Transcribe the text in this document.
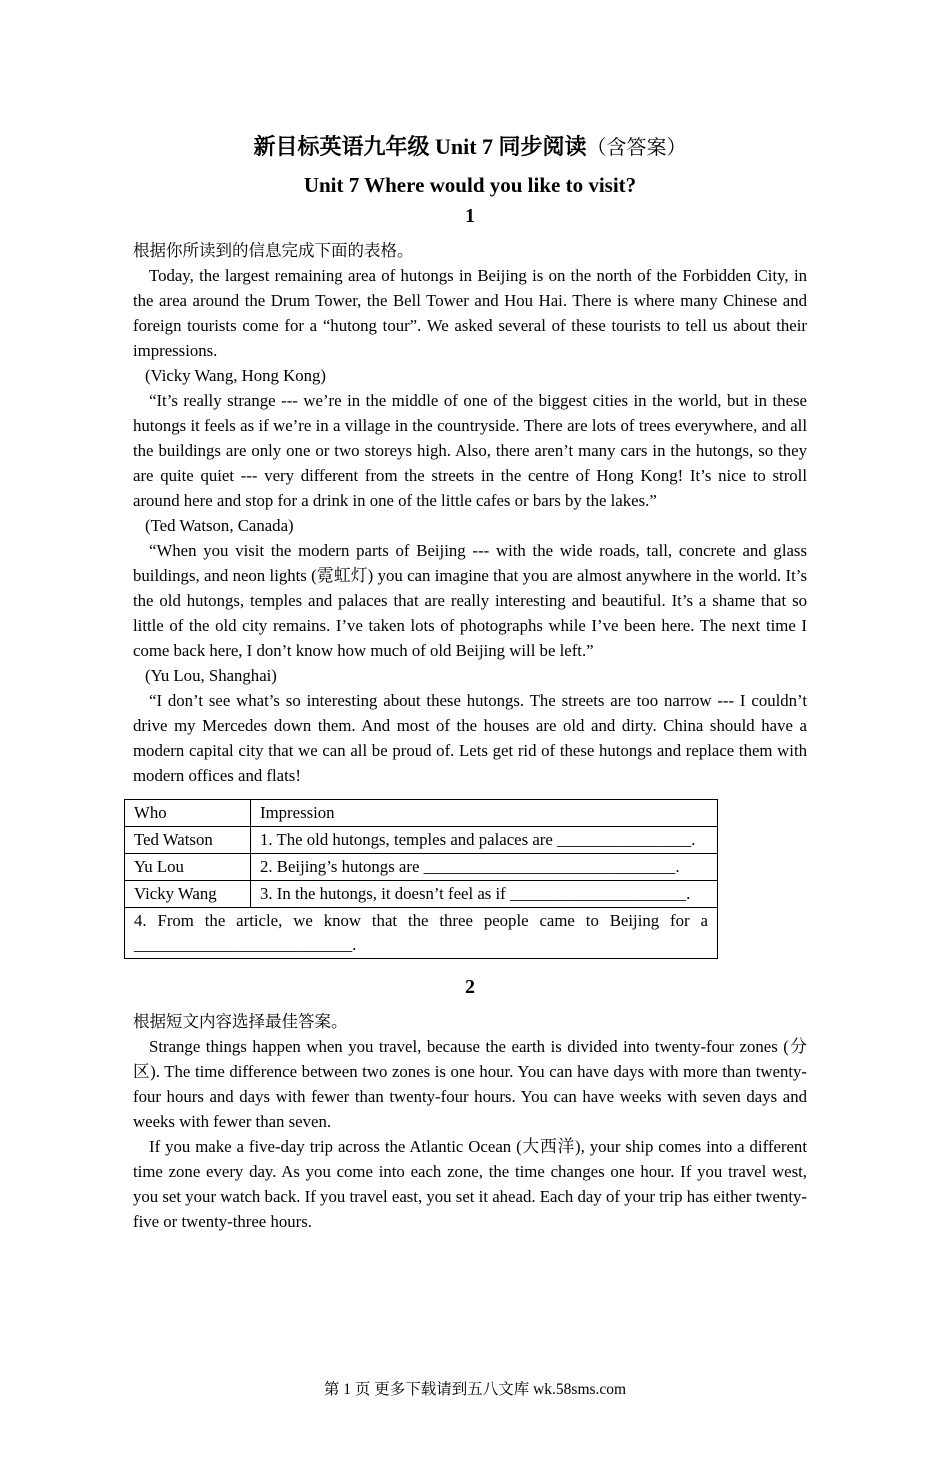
新目标英语九年级 Unit 7 同步阅读（含答案）
Unit 7 Where would you like to visit?
1
根据你所读到的信息完成下面的表格。

Today, the largest remaining area of hutongs in Beijing is on the north of the Forbidden City, in the area around the Drum Tower, the Bell Tower and Hou Hai. There is where many Chinese and foreign tourists come for a “hutong tour”. We asked several of these tourists to tell us about their impressions.

(Vicky Wang, Hong Kong)

“It’s really strange --- we’re in the middle of one of the biggest cities in the world, but in these hutongs it feels as if we’re in a village in the countryside. There are lots of trees everywhere, and all the buildings are only one or two storeys high. Also, there aren’t many cars in the hutongs, so they are quite quiet --- very different from the streets in the centre of Hong Kong! It’s nice to stroll around here and stop for a drink in one of the little cafes or bars by the lakes.”

(Ted Watson, Canada)

“When you visit the modern parts of Beijing --- with the wide roads, tall, concrete and glass buildings, and neon lights (霓虹灯) you can imagine that you are almost anywhere in the world. It’s the old hutongs, temples and palaces that are really interesting and beautiful. It’s a shame that so little of the old city remains. I’ve taken lots of photographs while I’ve been here. The next time I come back here, I don’t know how much of old Beijing will be left.”

(Yu Lou, Shanghai)

“I don’t see what’s so interesting about these hutongs. The streets are too narrow --- I couldn’t drive my Mercedes down them. And most of the houses are old and dirty. China should have a modern capital city that we can all be proud of. Lets get rid of these hutongs and replace them with modern offices and flats!

Who	Impression
Ted Watson	1. The old hutongs, temples and palaces are ________________.
Yu Lou	2. Beijing’s hutongs are ______________________________.
Vicky Wang	3. In the hutongs, it doesn’t feel as if _____________________.
4. From the article, we know that the three people came to Beijing for a __________________________.	
2
根据短文内容选择最佳答案。

Strange things happen when you travel, because the earth is divided into twenty-four zones (分区). The time difference between two zones is one hour. You can have days with more than twenty-four hours and days with fewer than twenty-four hours. You can have weeks with seven days and weeks with fewer than seven.

If you make a five-day trip across the Atlantic Ocean (大西洋), your ship comes into a different time zone every day. As you come into each zone, the time changes one hour. If you travel west, you set your watch back. If you travel east, you set it ahead. Each day of your trip has either twenty-five or twenty-three hours.

第 1 页 更多下载请到五八文库 wk.58sms.com
